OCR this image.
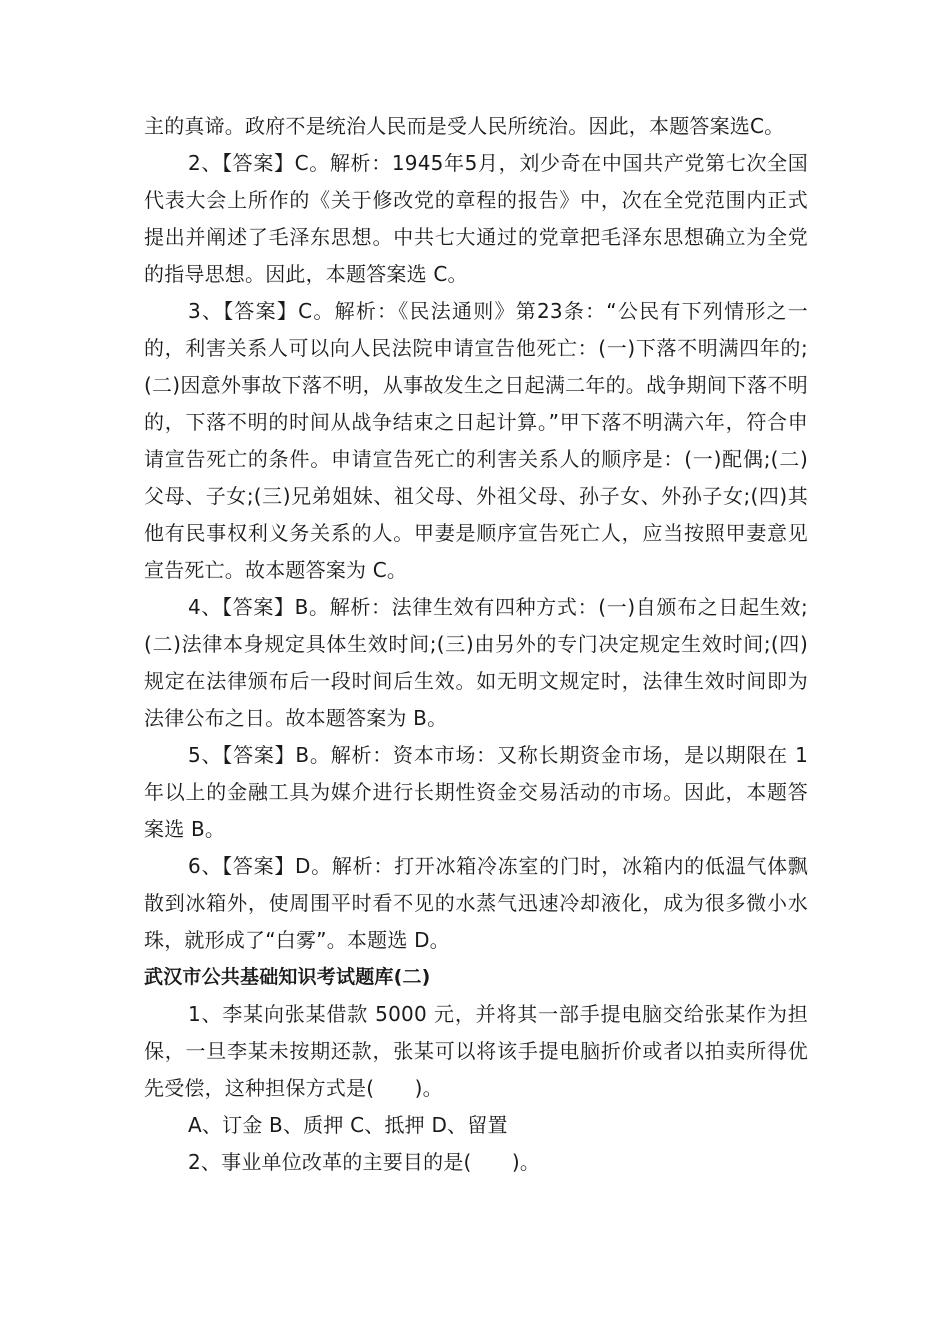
主的真谛。政府不是统治人民而是受人民所统治。因此，本题答案选C。

2、【答案】C。解析：1945年5月，刘少奇在中国共产党第七次全国代表大会上所作的《关于修改党的章程的报告》中，次在全党范围内正式提出并阐述了毛泽东思想。中共七大通过的党章把毛泽东思想确立为全党的指导思想。因此，本题答案选 C。

3、【答案】C。解析：《民法通则》第23条：“公民有下列情形之一的，利害关系人可以向人民法院申请宣告他死亡：(一)下落不明满四年的;(二)因意外事故下落不明，从事故发生之日起满二年的。战争期间下落不明的，下落不明的时间从战争结束之日起计算。”甲下落不明满六年，符合申请宣告死亡的条件。申请宣告死亡的利害关系人的顺序是：(一)配偶;(二)父母、子女;(三)兄弟姐妹、祖父母、外祖父母、孙子女、外孙子女;(四)其他有民事权利义务关系的人。甲妻是顺序宣告死亡人，应当按照甲妻意见宣告死亡。故本题答案为 C。

4、【答案】B。解析：法律生效有四种方式：(一)自颁布之日起生效;(二)法律本身规定具体生效时间;(三)由另外的专门决定规定生效时间;(四)规定在法律颁布后一段时间后生效。如无明文规定时，法律生效时间即为法律公布之日。故本题答案为 B。

5、【答案】B。解析：资本市场：又称长期资金市场，是以期限在 1 年以上的金融工具为媒介进行长期性资金交易活动的市场。因此，本题答案选 B。

6、【答案】D。解析：打开冰箱冷冻室的门时，冰箱内的低温气体飘散到冰箱外，使周围平时看不见的水蒸气迅速冷却液化，成为很多微小水珠，就形成了“白雾”。本题选 D。

武汉市公共基础知识考试题库(二)

1、李某向张某借款 5000 元，并将其一部手提电脑交给张某作为担保，一旦李某未按期还款，张某可以将该手提电脑折价或者以拍卖所得优先受偿，这种担保方式是(　　)。

A、订金 B、质押 C、抵押 D、留置

2、事业单位改革的主要目的是(　　)。
